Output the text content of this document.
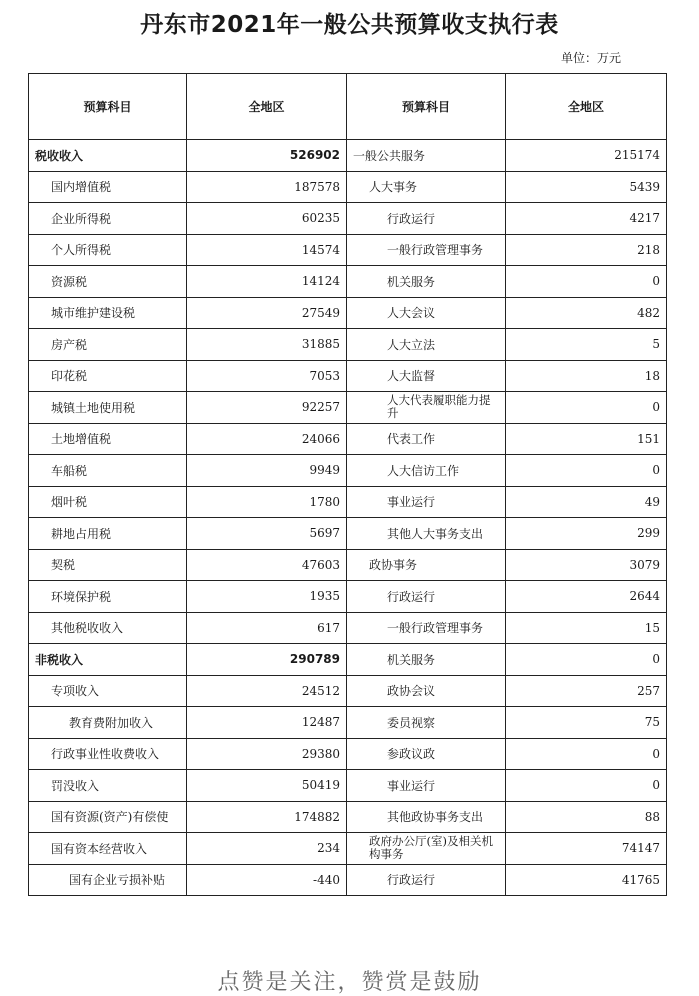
丹东市2021年一般公共预算收支执行表
单位：万元
预算科目	全地区	预算科目	全地区
税收收入	526902	一般公共服务	215174
国内增值税	187578	人大事务	5439
企业所得税	60235	行政运行	4217
个人所得税	14574	一般行政管理事务	218
资源税	14124	机关服务	0
城市维护建设税	27549	人大会议	482
房产税	31885	人大立法	5
印花税	7053	人大监督	18
城镇土地使用税	92257	人大代表履职能力提升	0
土地增值税	24066	代表工作	151
车船税	9949	人大信访工作	0
烟叶税	1780	事业运行	49
耕地占用税	5697	其他人大事务支出	299
契税	47603	政协事务	3079
环境保护税	1935	行政运行	2644
其他税收收入	617	一般行政管理事务	15
非税收入	290789	机关服务	0
专项收入	24512	政协会议	257
教育费附加收入	12487	委员视察	75
行政事业性收费收入	29380	参政议政	0
罚没收入	50419	事业运行	0
国有资源(资产)有偿使	174882	其他政协事务支出	88
国有资本经营收入	234	政府办公厅(室)及相关机构事务	74147
国有企业亏损补贴	-440	行政运行	41765
点赞是关注，赞赏是鼓励
